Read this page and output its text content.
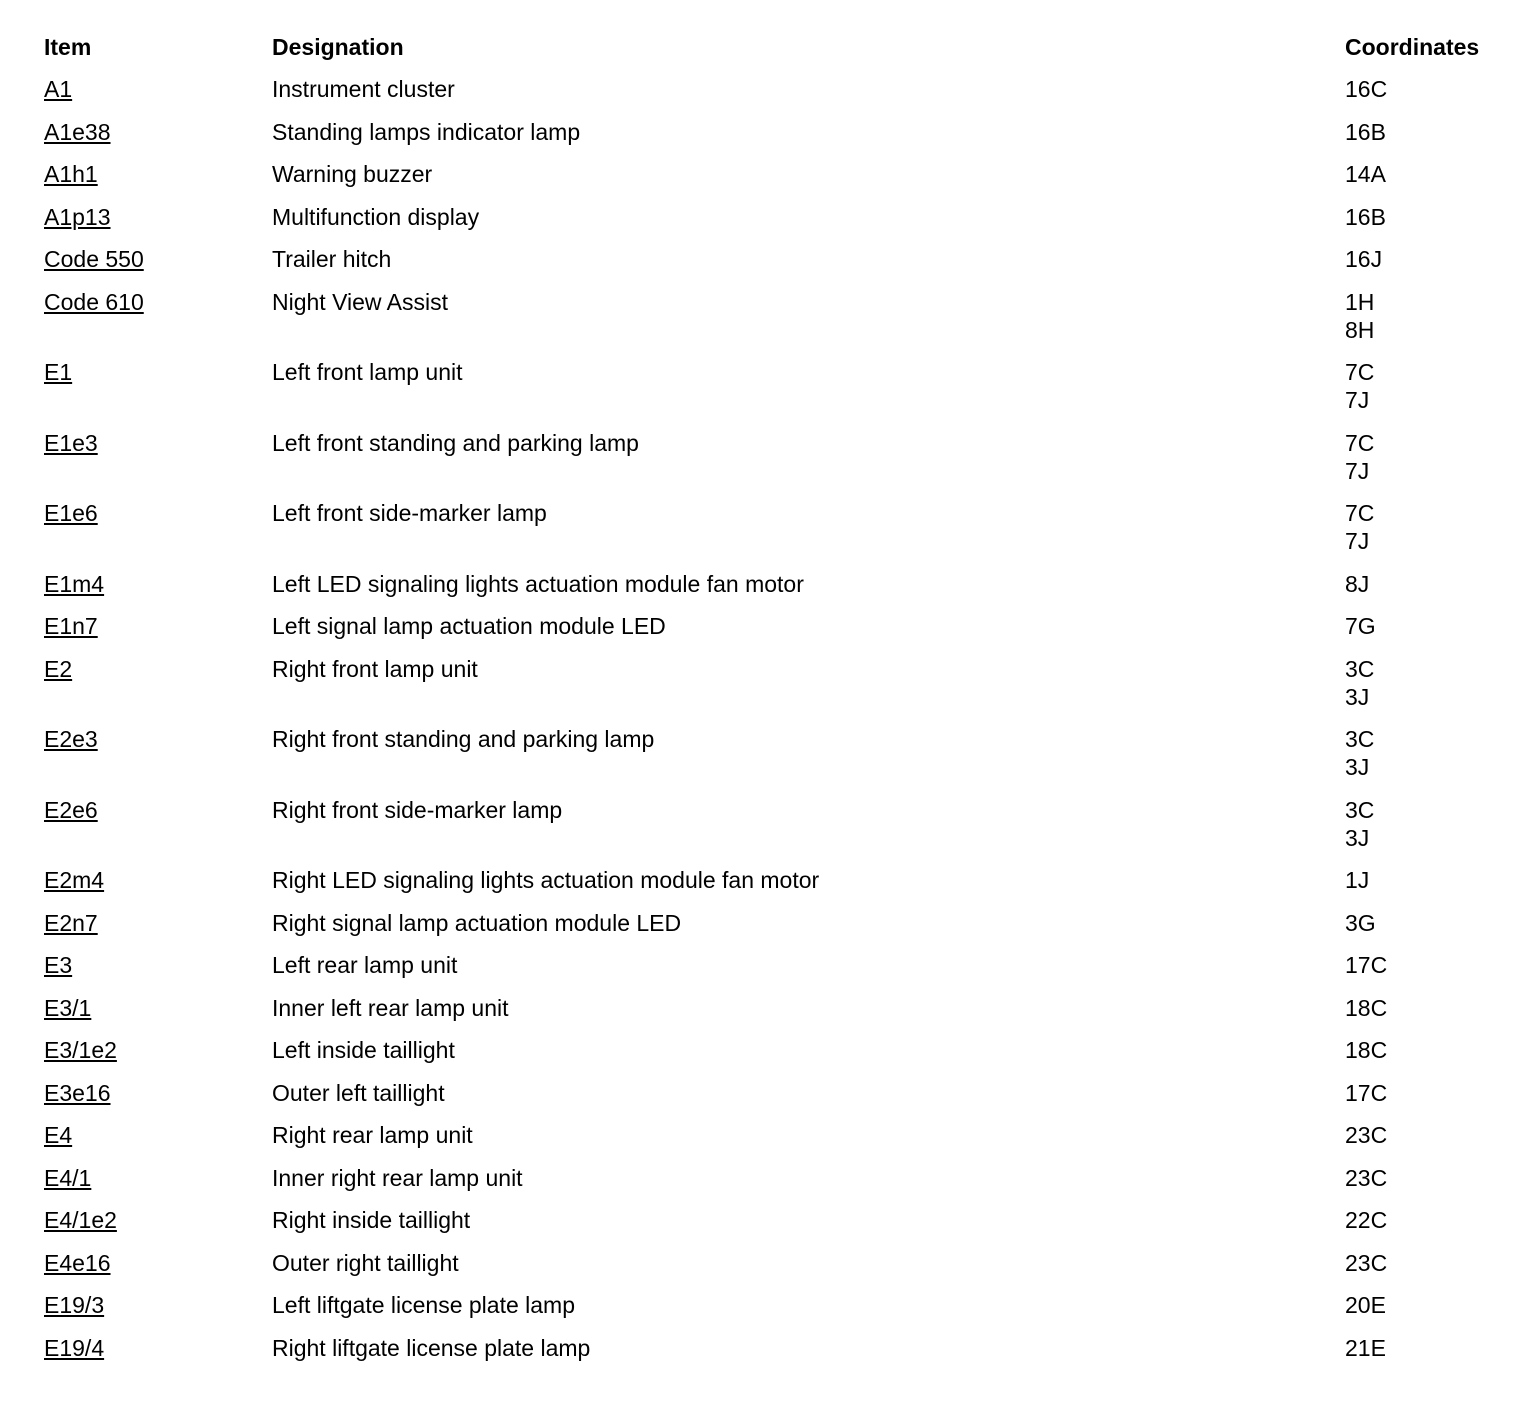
Item	Designation	Coordinates
A1	Instrument cluster	16C
A1e38	Standing lamps indicator lamp	16B
A1h1	Warning buzzer	14A
A1p13	Multifunction display	16B
Code 550	Trailer hitch	16J
Code 610	Night View Assist	1H
8H
E1	Left front lamp unit	7C
7J
E1e3	Left front standing and parking lamp	7C
7J
E1e6	Left front side-marker lamp	7C
7J
E1m4	Left LED signaling lights actuation module fan motor	8J
E1n7	Left signal lamp actuation module LED	7G
E2	Right front lamp unit	3C
3J
E2e3	Right front standing and parking lamp	3C
3J
E2e6	Right front side-marker lamp	3C
3J
E2m4	Right LED signaling lights actuation module fan motor	1J
E2n7	Right signal lamp actuation module LED	3G
E3	Left rear lamp unit	17C
E3/1	Inner left rear lamp unit	18C
E3/1e2	Left inside taillight	18C
E3e16	Outer left taillight	17C
E4	Right rear lamp unit	23C
E4/1	Inner right rear lamp unit	23C
E4/1e2	Right inside taillight	22C
E4e16	Outer right taillight	23C
E19/3	Left liftgate license plate lamp	20E
E19/4	Right liftgate license plate lamp	21E
